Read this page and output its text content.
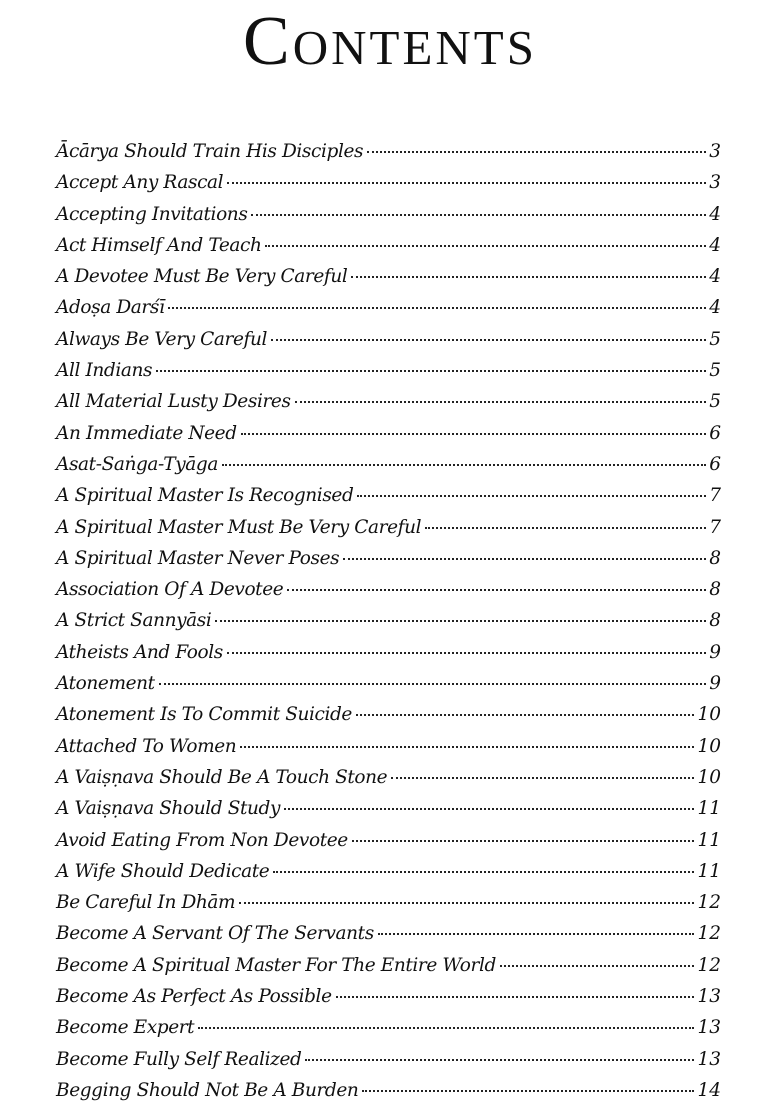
Contents
Ācārya Should Train His Disciples	3
Accept Any Rascal	3
Accepting Invitations	4
Act Himself And Teach	4
A Devotee Must Be Very Careful	4
Adoṣa Darśī	4
Always Be Very Careful	5
All Indians	5
All Material Lusty Desires	5
An Immediate Need	6
Asat-Saṅga-Tyāga	6
A Spiritual Master Is Recognised	7
A Spiritual Master Must Be Very Careful	7
A Spiritual Master Never Poses	8
Association Of A Devotee	8
A Strict Sannyāsi	8
Atheists And Fools	9
Atonement	9
Atonement Is To Commit Suicide	10
Attached To Women	10
A Vaiṣṇava Should Be A Touch Stone	10
A Vaiṣṇava Should Study	11
Avoid Eating From Non Devotee	11
A Wife Should Dedicate	11
Be Careful In Dhām	12
Become A Servant Of The Servants	12
Become A Spiritual Master For The Entire World	12
Become As Perfect As Possible	13
Become Expert	13
Become Fully Self Realized	13
Begging Should Not Be A Burden	14
